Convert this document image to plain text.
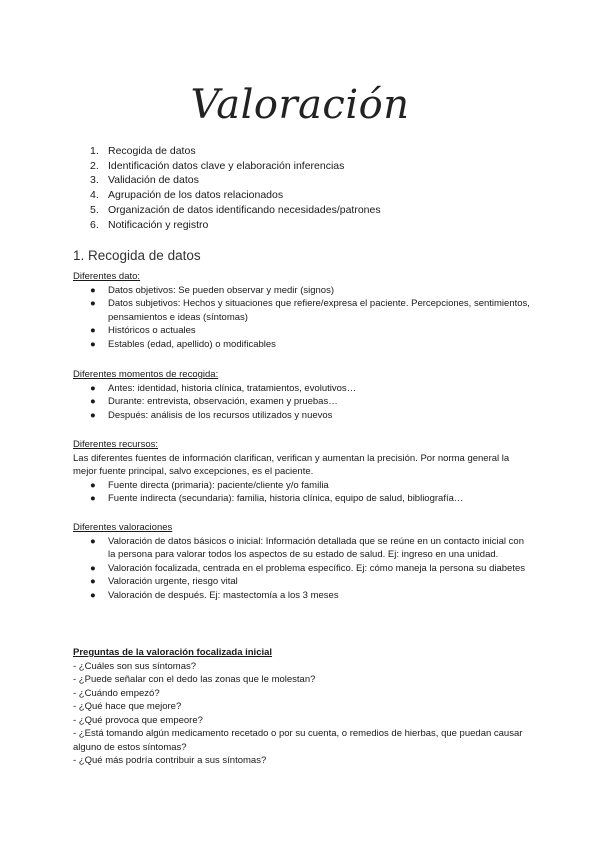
Valoración
1. Recogida de datos
2. Identificación datos clave y elaboración inferencias
3. Validación de datos
4. Agrupación de los datos relacionados
5. Organización de datos identificando necesidades/patrones
6. Notificación y registro
1. Recogida de datos
Diferentes dato:
● Datos objetivos: Se pueden observar y medir (signos)
● Datos subjetivos: Hechos y situaciones que refiere/expresa el paciente. Percepciones, sentimientos, pensamientos e ideas (síntomas)
● Históricos o actuales
● Estables (edad, apellido) o modificables
Diferentes momentos de recogida:
● Antes: identidad, historia clínica, tratamientos, evolutivos…
● Durante: entrevista, observación, examen y pruebas…
● Después: análisis de los recursos utilizados y nuevos
Diferentes recursos:
Las diferentes fuentes de información clarifican, verifican y aumentan la precisión. Por norma general la mejor fuente principal, salvo excepciones, es el paciente.
● Fuente directa (primaria): paciente/cliente y/o familia
● Fuente indirecta (secundaria): familia, historia clínica, equipo de salud, bibliografía…
Diferentes valoraciones
● Valoración de datos básicos o inicial: Información detallada que se reúne en un contacto inicial con la persona para valorar todos los aspectos de su estado de salud. Ej: ingreso en una unidad.
● Valoración focalizada, centrada en el problema específico. Ej: cómo maneja la persona su diabetes
● Valoración urgente, riesgo vital
● Valoración de después. Ej: mastectomía a los 3 meses
Preguntas de la valoración focalizada inicial
- ¿Cuáles son sus síntomas?
- ¿Puede señalar con el dedo las zonas que le molestan?
- ¿Cuándo empezó?
- ¿Qué hace que mejore?
- ¿Qué provoca que empeore?
- ¿Está tomando algún medicamento recetado o por su cuenta, o remedios de hierbas, que puedan causar alguno de estos síntomas?
- ¿Qué más podría contribuir a sus síntomas?
